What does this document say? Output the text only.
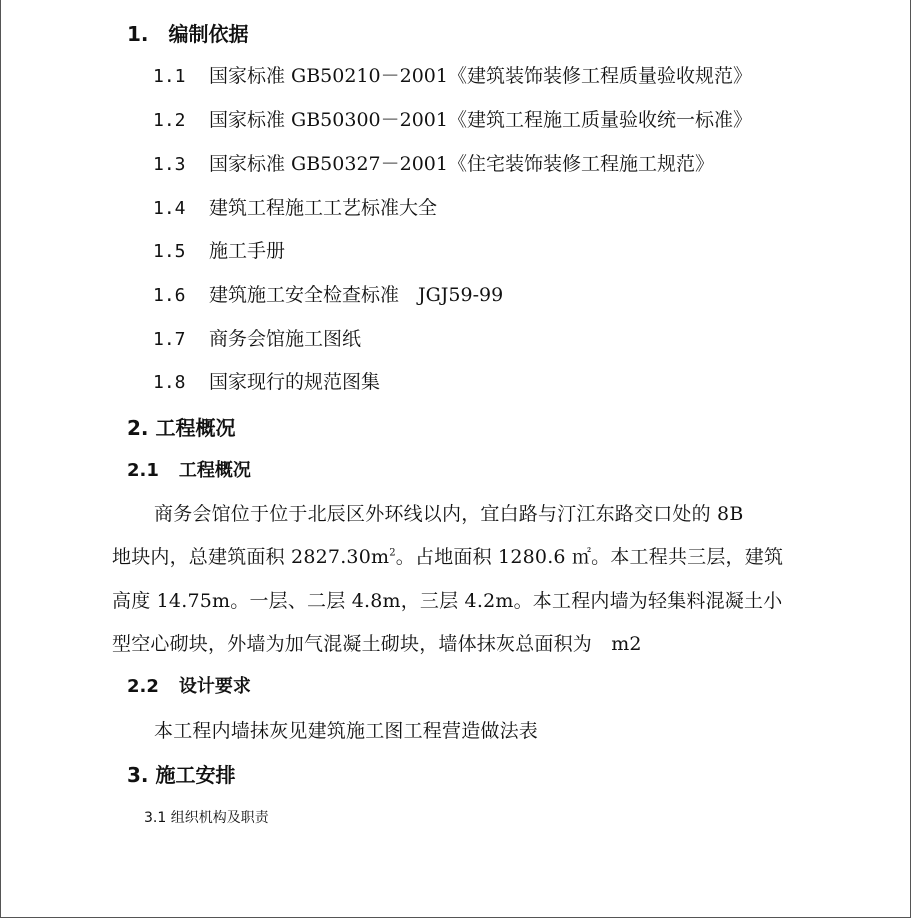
1. 编制依据
1.1 国家标准 GB50210－2001《建筑装饰装修工程质量验收规范》
1.2 国家标准 GB50300－2001《建筑工程施工质量验收统一标准》
1.3 国家标准 GB50327－2001《住宅装饰装修工程施工规范》
1.4 建筑工程施工工艺标准大全
1.5 施工手册
1.6 建筑施工安全检查标准　JGJ59-99
1.7 商务会馆施工图纸
1.8 国家现行的规范图集
2. 工程概况
2.1 工程概况
商务会馆位于位于北辰区外环线以内，宜白路与汀江东路交口处的 8B
地块内，总建筑面积 $2827.30m^2$。占地面积 1280.6 ㎡。本工程共三层，建筑
高度 14.75m。一层、二层 4.8m，三层 4.2m。本工程内墙为轻集料混凝土小
型空心砌块，外墙为加气混凝土砌块，墙体抹灰总面积为　m2
2.2 设计要求
本工程内墙抹灰见建筑施工图工程营造做法表
3. 施工安排
3.1 组织机构及职责
